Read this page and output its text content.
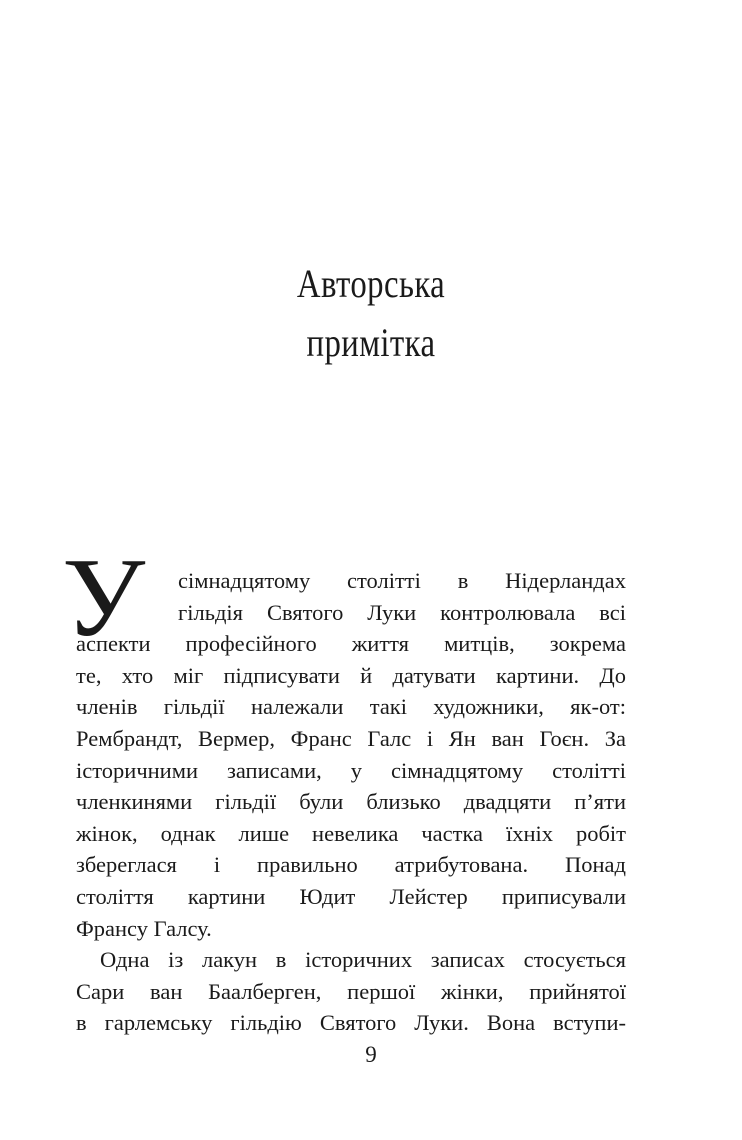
Авторська
примітка
У	сімнадцятому столітті в Нідерландах
гільдія Святого Луки контролювала всі
аспекти професійного життя митців, зокрема
те, хто міг підписувати й датувати картини. До
членів гільдії належали такі художники, як-от:
Рембрандт, Вермер, Франс Галс і Ян ван Гоєн. За
історичними записами, у сімнадцятому столітті
членкинями гільдії були близько двадцяти п’яти
жінок, однак лише невелика частка їхніх робіт
збереглася і правильно атрибутована. Понад
століття картини Юдит Лейстер приписували
Франсу Галсу.
Одна із лакун в історичних записах стосується
Сари ван Баалберген, першої жінки, прийнятої
в гарлемську гільдію Святого Луки. Вона вступи-
9
